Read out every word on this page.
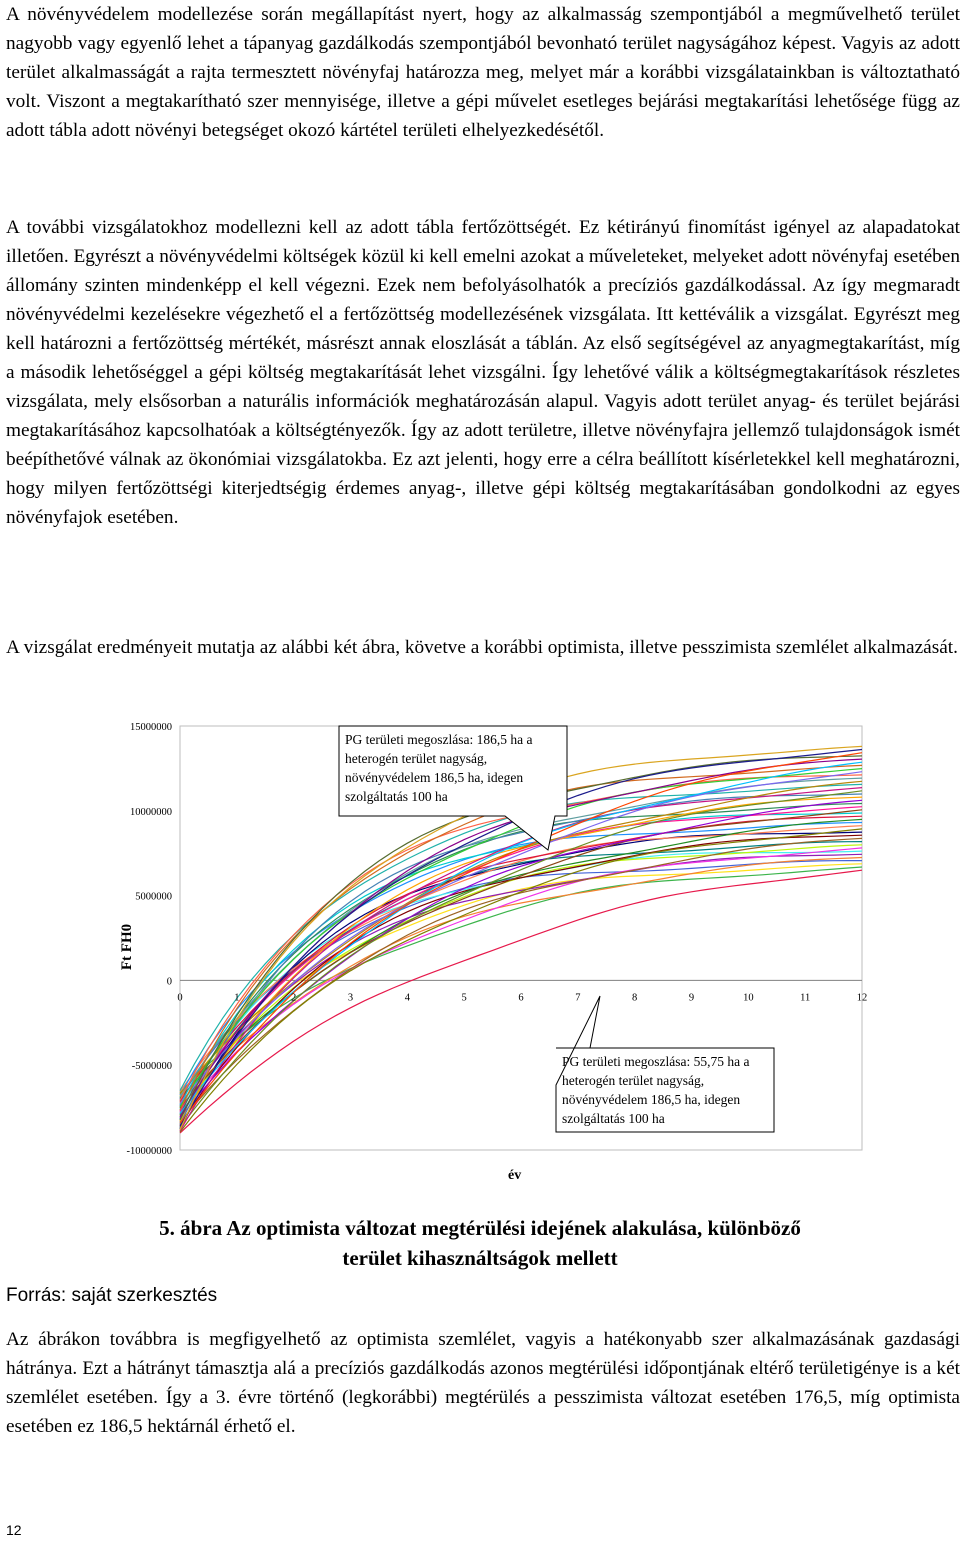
A növényvédelem modellezése során megállapítást nyert, hogy az alkalmasság szempontjából a megművelhető terület nagyobb vagy egyenlő lehet a tápanyag gazdálkodás szempontjából bevonható terület nagyságához képest. Vagyis az adott terület alkalmasságát a rajta termesztett növényfaj határozza meg, melyet már a korábbi vizsgálatainkban is változtatható volt. Viszont a megtakarítható szer mennyisége, illetve a gépi művelet esetleges bejárási megtakarítási lehetősége függ az adott tábla adott növényi betegséget okozó kártétel területi elhelyezkedésétől.

A további vizsgálatokhoz modellezni kell az adott tábla fertőzöttségét. Ez kétirányú finomítást igényel az alapadatokat illetően. Egyrészt a növényvédelmi költségek közül ki kell emelni azokat a műveleteket, melyeket adott növényfaj esetében állomány szinten mindenképp el kell végezni. Ezek nem befolyásolhatók a precíziós gazdálkodással. Az így megmaradt növényvédelmi kezelésekre végezhető el a fertőzöttség modellezésének vizsgálata. Itt kettéválik a vizsgálat. Egyrészt meg kell határozni a fertőzöttség mértékét, másrészt annak eloszlását a táblán. Az első segítségével az anyagmegtakarítást, míg a második lehetőséggel a gépi költség megtakarítását lehet vizsgálni. Így lehetővé válik a költségmegtakarítások részletes vizsgálata, mely elsősorban a naturális információk meghatározásán alapul. Vagyis adott terület anyag- és terület bejárási megtakarításához kapcsolhatóak a költségtényezők. Így az adott területre, illetve növényfajra jellemző tulajdonságok ismét beépíthetővé válnak az ökonómiai vizsgálatokba. Ez azt jelenti, hogy erre a célra beállított kísérletekkel kell meghatározni, hogy milyen fertőzöttségi kiterjedtségig érdemes anyag-, illetve gépi költség megtakarításában gondolkodni az egyes növényfajok esetében.

A vizsgálat eredményeit mutatja az alábbi két ábra, követve a korábbi optimista, illetve pesszimista szemlélet alkalmazását.

15000000
10000000
5000000
0
-5000000
-10000000
0	1	2	3	4	5	6	7	8	9	10	11	12
Ft FH0
év
PG területi megoszlása: 186,5 ha a heterogén terület nagyság, növényvédelem 186,5 ha, idegen szolgáltatás 100 ha
PG területi megoszlása: 55,75 ha a heterogén terület nagyság, növényvédelem 186,5 ha, idegen szolgáltatás 100 ha
5. ábra Az optimista változat megtérülési idejének alakulása, különböző
terület kihasználtságok mellett
Forrás: saját szerkesztés

Az ábrákon továbbra is megfigyelhető az optimista szemlélet, vagyis a hatékonyabb szer alkalmazásának gazdasági hátránya. Ezt a hátrányt támasztja alá a precíziós gazdálkodás azonos megtérülési időpontjának eltérő területigénye is a két szemlélet esetében. Így a 3. évre történő (legkorábbi) megtérülés a pesszimista változat esetében 176,5, míg optimista esetében ez 186,5 hektárnál érhető el.

12
